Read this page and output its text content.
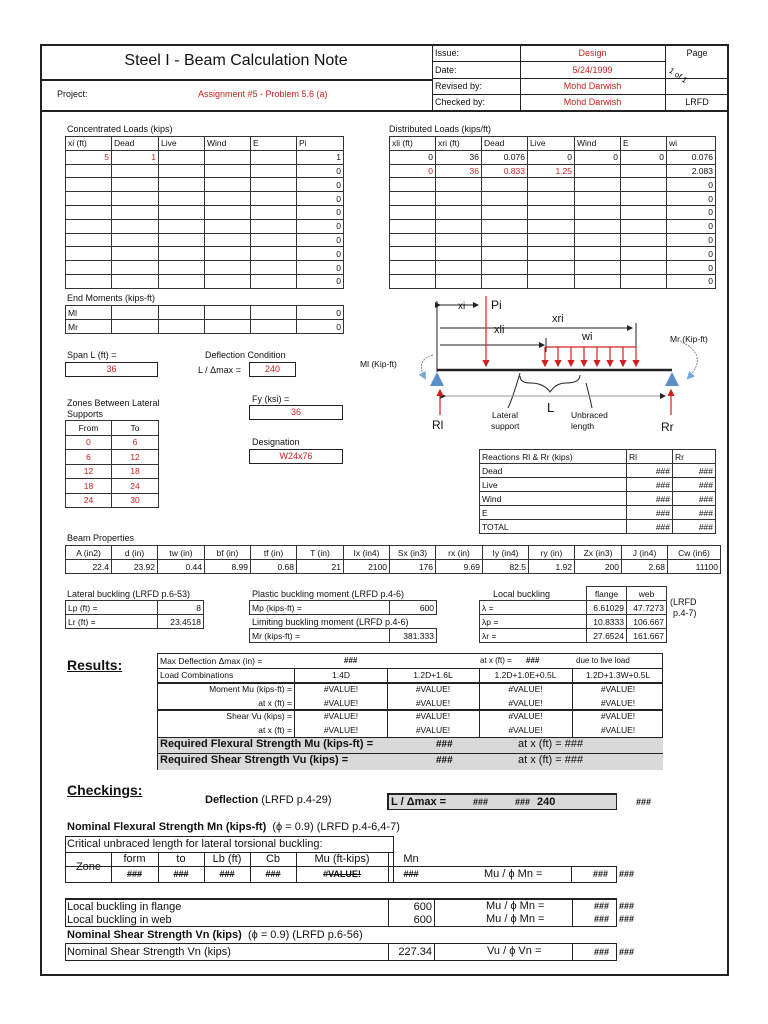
Steel I - Beam Calculation Note
Project:	Assignment #5 - Problem 5.6 (a)
Issue:	Design
Date:	5/24/1999
Revised by:	Mohd Darwish
Checked by:	Mohd Darwish
Page
1 of 1
LRFD
Concentrated Loads (kips)
xi (ft)	Dead	Live	Wind	E	Pi
5	1				1
					0
					0
					0
					0
					0
					0
					0
					0
					0
Distributed Loads (kips/ft)
xli (ft)	xri (ft)	Dead	Live	Wind	E	wi
0	36	0.076	0	0	0	0.076
0	36	0.833	1.25			2.083
						0
						0
						0
						0
						0
						0
						0
						0
End Moments (kips-ft)
Ml					0
Mr					0
Span L (ft) =
36
Deflection Condition
L / Δmax =	240
Zones Between Lateral
Supports
From	To
0	6
6	12
12	18
18	24
24	30
Fy (ksi) =
36
Designation
W24x76
xi Pi
xri
xli
wi
Ml (Kip-ft)
Mr (Kip-ft)
L
Rl	Rr
Lateral
support
Unbraced
length
Reactions Rl & Rr (kips)	Rl	Rr
Dead	###	###
Live	###	###
Wind	###	###
E	###	###
TOTAL	###	###
Beam Properties
A (in2)	d (in)	tw (in)	bf (in)	tf (in)	T (in)	Ix (in4)	Sx (in3)	rx (in)	Iy (in4)	ry (in)	Zx (in3)	J (in4)	Cw (in6)
22.4	23.92	0.44	8.99	0.68	21	2100	176	9.69	82.5	1.92	200	2.68	11100
Lateral buckling (LRFD p.6-53)
Lp (ft) =	8
Lr (ft) =	23.4518
Plastic buckling moment (LRFD p.4-6)
Mp (kips-ft) =	600
Limiting buckling moment (LRFD p.4-6)
Mr (kips-ft) =	381.333
Local buckling
		flange	web
λ =	6.61029	47.7273
λp =	10.8333	106.667
λr =	27.6524	161.667
(LRFD
p.4-7)
Results:	Max Deflection Δmax (in) =	###	at x (ft) = ###	due to live load
Load Combinations	1.4D	1.2D+1.6L	1.2D+1.0E+0.5L	1.2D+1.3W+0.5L
Moment Mu (kips-ft) =	#VALUE!	#VALUE!	#VALUE!	#VALUE!
at x (ft) =	#VALUE!	#VALUE!	#VALUE!	#VALUE!
Shear Vu (kips) =	#VALUE!	#VALUE!	#VALUE!	#VALUE!
at x (ft) =	#VALUE!	#VALUE!	#VALUE!	#VALUE!
Required Flexural Strength Mu (kips-ft) =	###	at x (ft) = ###
Required Shear Strength Vu (kips) =	###	at x (ft) = ###
Checkings:
Deflection (LRFD p.4-29)	L / Δmax =	###	### 240	###
Nominal Flexural Strength Mn (kips-ft) (ϕ = 0.9) (LRFD p.4-6,4-7)
Critical unbraced length for lateral torsional buckling:
Zone
form	to	Lb (ft)	Cb	Mu (ft-kips)	Mn
###	###	###	###	#VALUE!	###	Mu / ϕ Mn =	### ###
Local buckling in flange	600	Mu / ϕ Mn =	###
Local buckling in web	600	Mu / ϕ Mn =	###
###
###
Nominal Shear Strength Vn (kips) (ϕ = 0.9) (LRFD p.6-56)
Nominal Shear Strength Vn (kips)	227.34	Vu / ϕ Vn =	### ###
